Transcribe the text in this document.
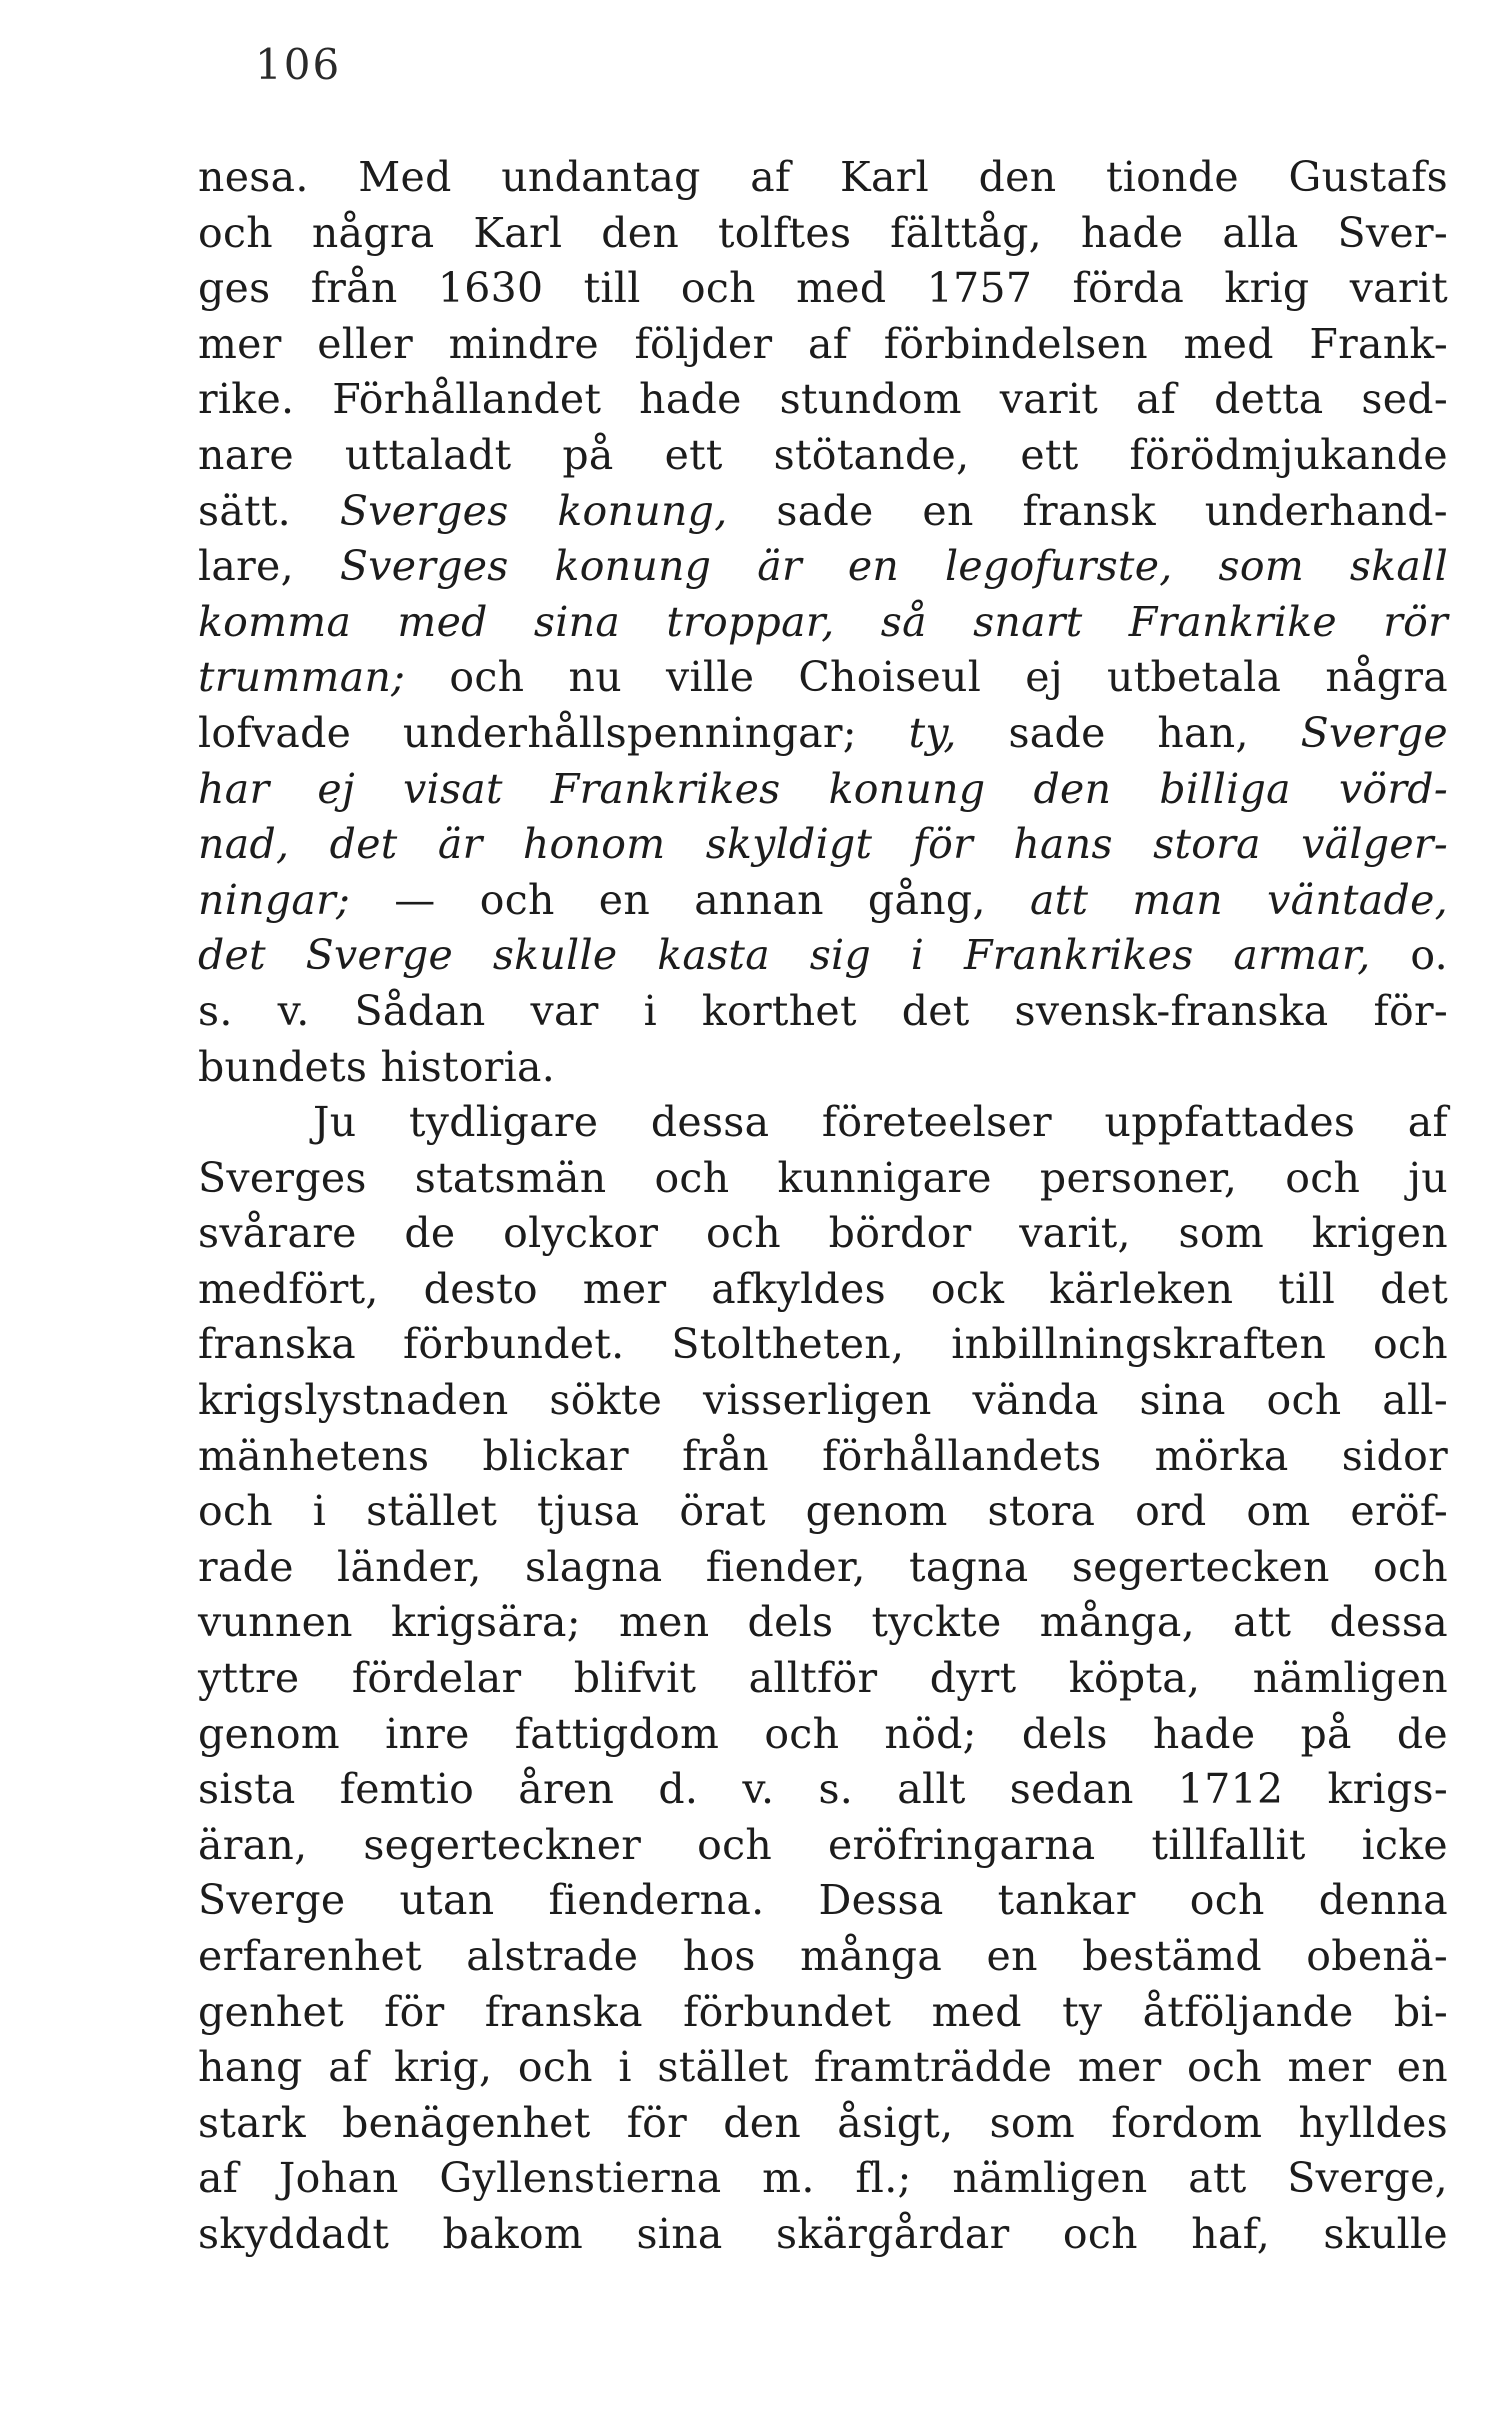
106
nesa. Med undantag af Karl den tionde Gustafs
och några Karl den tolftes fälttåg, hade alla Sver-
ges från 1630 till och med 1757 förda krig varit
mer eller mindre följder af förbindelsen med Frank-
rike. Förhållandet hade stundom varit af detta sed-
nare uttaladt på ett stötande, ett förödmjukande
sätt. Sverges konung, sade en fransk underhand-
lare, Sverges konung är en legofurste, som skall
komma med sina troppar, så snart Frankrike rör
trumman; och nu ville Choiseul ej utbetala några
lofvade underhållspenningar; ty, sade han, Sverge
har ej visat Frankrikes konung den billiga vörd-
nad, det är honom skyldigt för hans stora välger-
ningar; — och en annan gång, att man väntade,
det Sverge skulle kasta sig i Frankrikes armar, o.
s. v. Sådan var i korthet det svensk-franska för-
bundets historia.
Ju tydligare dessa företeelser uppfattades af
Sverges statsmän och kunnigare personer, och ju
svårare de olyckor och bördor varit, som krigen
medfört, desto mer afkyldes ock kärleken till det
franska förbundet. Stoltheten, inbillningskraften och
krigslystnaden sökte visserligen vända sina och all-
mänhetens blickar från förhållandets mörka sidor
och i stället tjusa örat genom stora ord om eröf-
rade länder, slagna fiender, tagna segertecken och
vunnen krigsära; men dels tyckte många, att dessa
yttre fördelar blifvit alltför dyrt köpta, nämligen
genom inre fattigdom och nöd; dels hade på de
sista femtio åren d. v. s. allt sedan 1712 krigs-
äran, segerteckner och eröfringarna tillfallit icke
Sverge utan fienderna. Dessa tankar och denna
erfarenhet alstrade hos många en bestämd obenä-
genhet för franska förbundet med ty åtföljande bi-
hang af krig, och i stället framträdde mer och mer en
stark benägenhet för den åsigt, som fordom hylldes
af Johan Gyllenstierna m. fl.; nämligen att Sverge,
skyddadt bakom sina skärgårdar och haf, skulle
